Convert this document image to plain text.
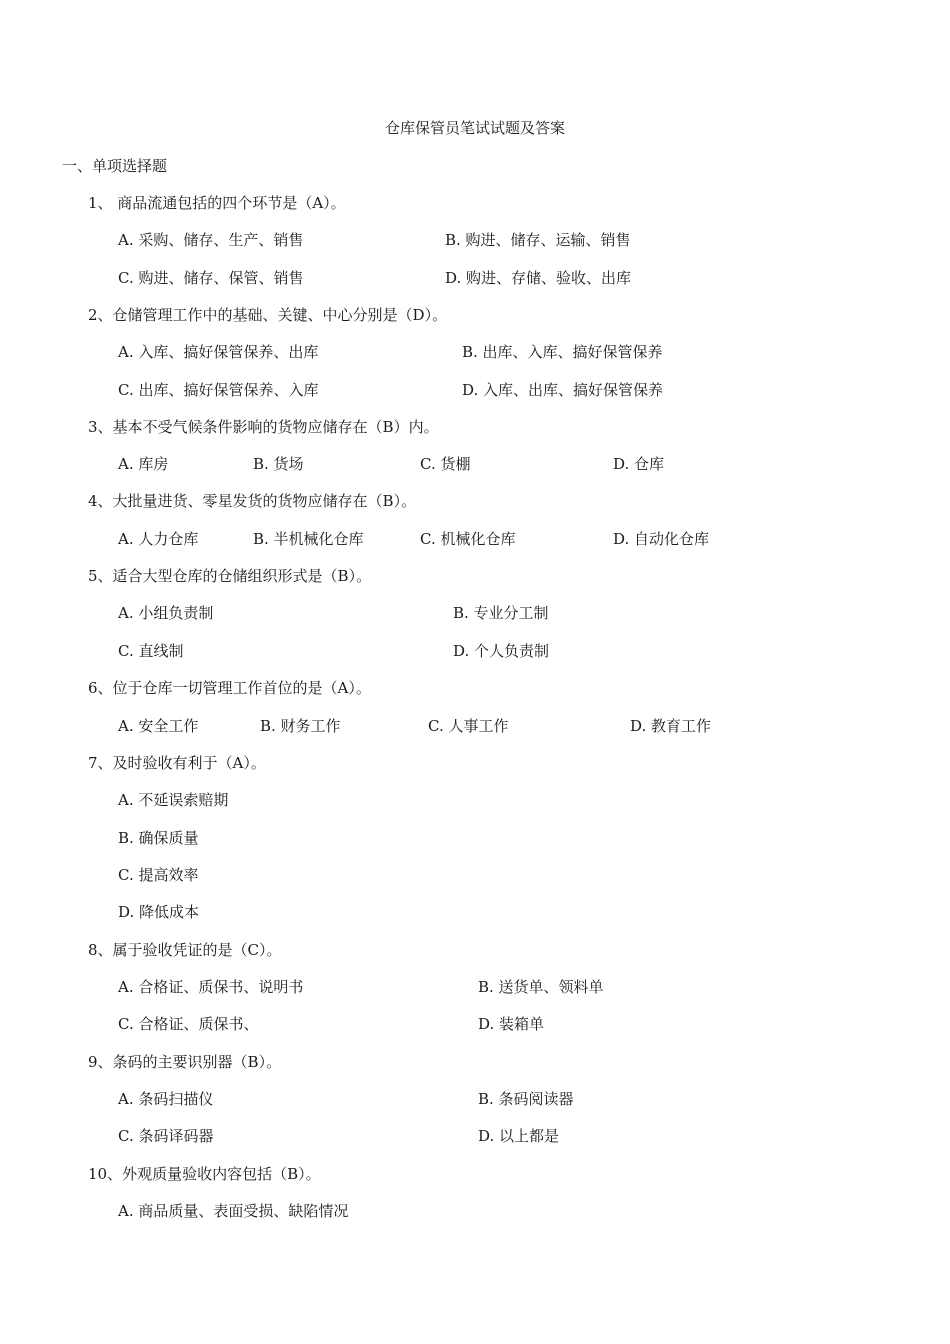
仓库保管员笔试试题及答案
一、单项选择题
1、 商品流通包括的四个环节是（A）。
A. 采购、储存、生产、销售	B. 购进、储存、运输、销售
C. 购进、储存、保管、销售	D. 购进、存储、验收、出库
2、仓储管理工作中的基础、关键、中心分别是（D）。
A. 入库、搞好保管保养、出库	B. 出库、入库、搞好保管保养
C. 出库、搞好保管保养、入库	D. 入库、出库、搞好保管保养
3、基本不受气候条件影响的货物应储存在（B）内。
A. 库房	B. 货场	C. 货棚	D. 仓库
4、大批量进货、零星发货的货物应储存在（B）。
A. 人力仓库	B. 半机械化仓库	C. 机械化仓库	D. 自动化仓库
5、适合大型仓库的仓储组织形式是（B）。
A. 小组负责制	B. 专业分工制
C. 直线制	D. 个人负责制
6、位于仓库一切管理工作首位的是（A）。
A. 安全工作	B. 财务工作	C. 人事工作	D. 教育工作
7、及时验收有利于（A）。
A. 不延误索赔期
B. 确保质量
C. 提高效率
D. 降低成本
8、属于验收凭证的是（C）。
A. 合格证、质保书、说明书	B. 送货单、领料单
C. 合格证、质保书、	D. 装箱单
9、条码的主要识别器（B）。
A. 条码扫描仪	B. 条码阅读器
C. 条码译码器	D. 以上都是
10、外观质量验收内容包括（B）。
A. 商品质量、表面受损、缺陷情况
